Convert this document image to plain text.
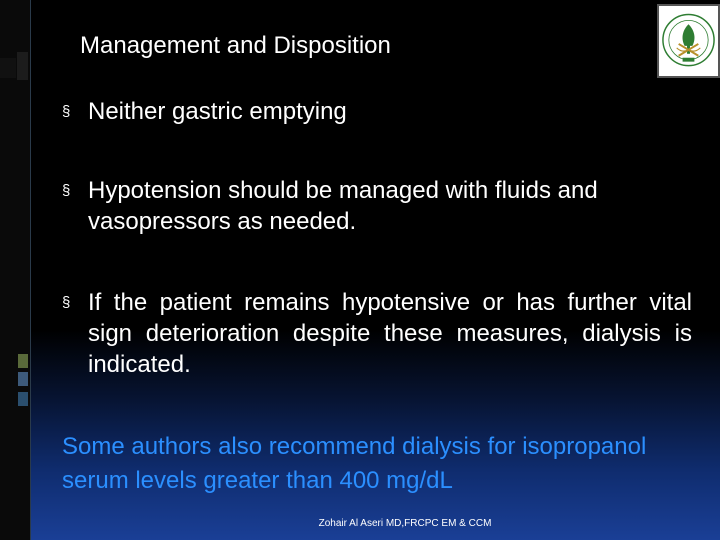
Management and Disposition
§ Neither gastric emptying
§ Hypotension should be managed with fluids and vasopressors as needed.
§ If the patient remains hypotensive or has further vital sign deterioration despite these measures, dialysis is indicated.
Some authors also recommend dialysis for isopropanol serum levels greater than 400 mg/dL
Zohair Al Aseri MD,FRCPC EM & CCM
